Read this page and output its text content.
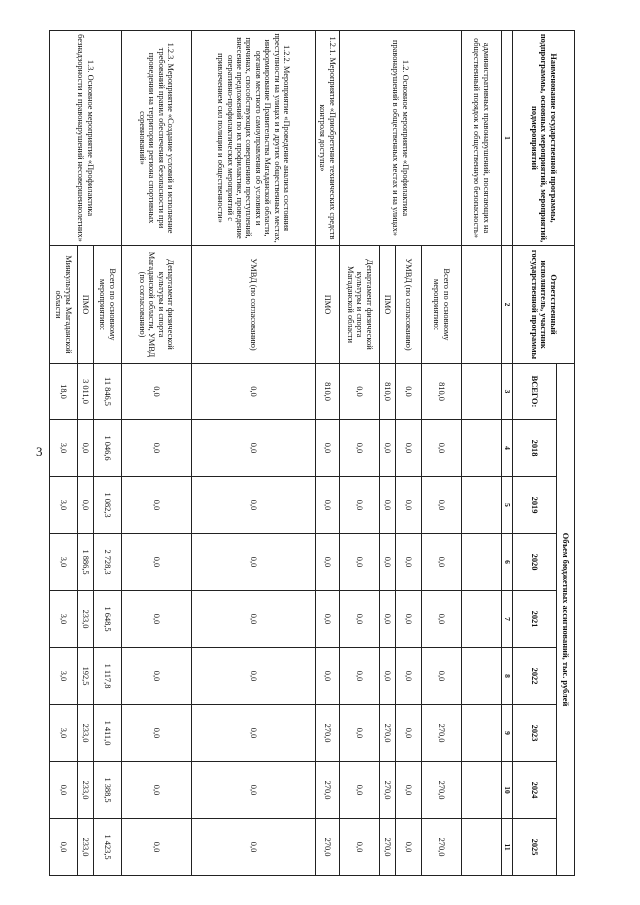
3
Наименование государственной программы, подпрограммы, основных мероприятий, мероприятий, подмероприятий	Ответственный исполнитель, участник государственной программы	Объем бюджетных ассигнований, тыс. рублей								
		ВСЕГО:	2018	2019	2020	2021	2022	2023	2024	2025
1	2	3	4	5	6	7	8	9	10	11
административных правонарушений, посягающих на общественный порядок и общественную безопасность»										
1.2. Основное мероприятие «Профилактика правонарушений в общественных местах и на улицах»	Всего по основному мероприятию:	810,0	0,0	0,0	0,0	0,0	0,0	270,0	270,0	270,0
	УМВД (по согласованию)	0,0	0,0	0,0	0,0	0,0	0,0	0,0	0,0	0,0
	ПМО	810,0	0,0	0,0	0,0	0,0	0,0	270,0	270,0	270,0
	Департамент физической культуры и спорта Магаданской области	0,0	0,0	0,0	0,0	0,0	0,0	0,0	0,0	0,0
1.2.1. Мероприятие «Приобретение технических средств контроля доступа»	ПМО	810,0	0,0	0,0	0,0	0,0	0,0	270,0	270,0	270,0
1.2.2. Мероприятие «Проведение анализа состояния преступности на улицах и в других общественных местах, информирование Правительства Магаданской области, органов местного самоуправления об условиях и причинах, способствующих совершению преступлений, внесение предложений по их профилактике, проведение оперативно-профилактических мероприятий с привлечением сил полиции и общественности»	УМВД (по согласованию)	0,0	0,0	0,0	0,0	0,0	0,0	0,0	0,0	0,0
1.2.3. Мероприятие «Создание условий и исполнение требований правил обеспечения безопасности при проведении на территории региона спортивных соревнований»	Департамент физической культуры и спорта Магаданской области, УМВД (по согласованию)	0,0	0,0	0,0	0,0	0,0	0,0	0,0	0,0	0,0
1.3. Основное мероприятие «Профилактика безнадзорности и правонарушений несовершеннолетних»	Всего по основному мероприятию:	11 846,5	1 046,6	1 082,3	2 728,3	1 648,5	1 117,8	1 411,0	1 388,5	1 423,5
	ПМО	3 011,0	0,0	0,0	1 886,5	233,0	192,5	233,0	233,0	233,0
	Минкультуры Магаданской области	18,0	3,0	3,0	3,0	3,0	3,0	3,0	0,0	0,0
